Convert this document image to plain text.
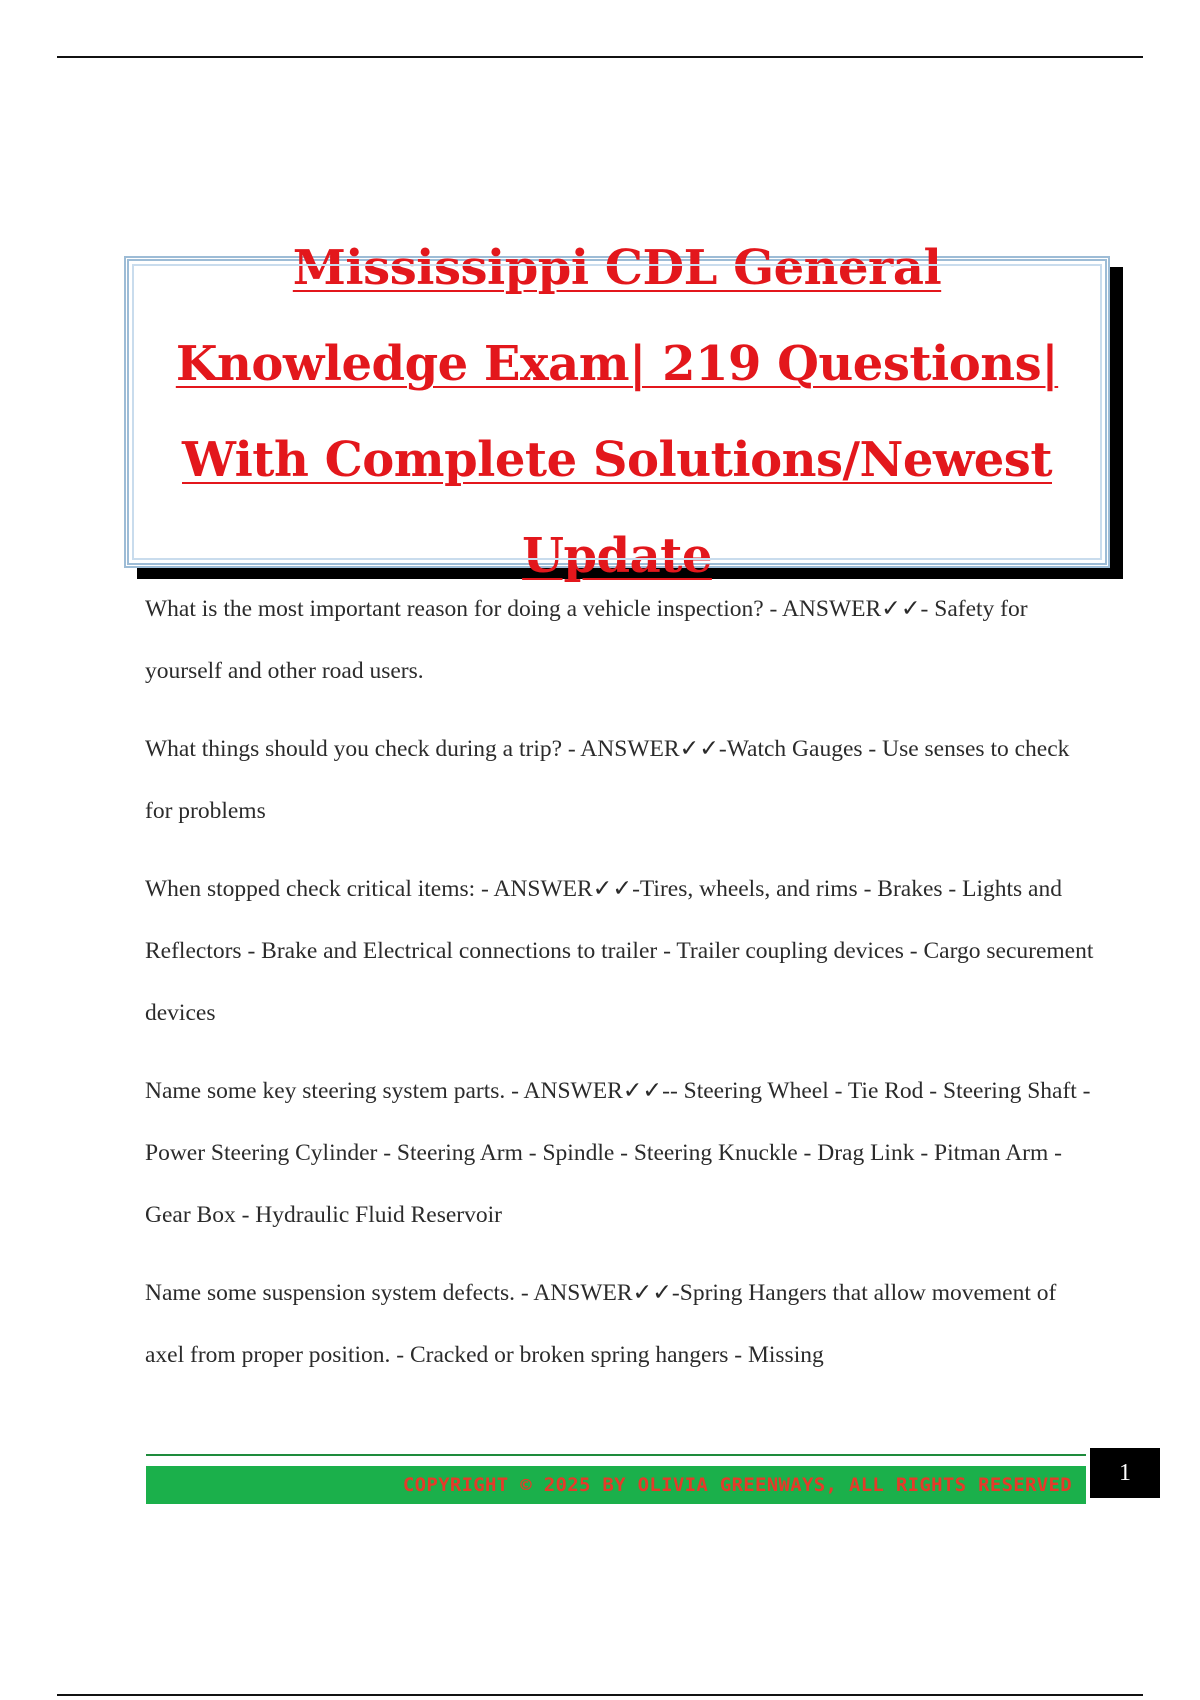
Mississippi CDL General Knowledge Exam| 219 Questions| With Complete Solutions/Newest Update

What is the most important reason for doing a vehicle inspection? - ANSWER✓✓- Safety for yourself and other road users.

What things should you check during a trip? - ANSWER✓✓-Watch Gauges - Use senses to check for problems

When stopped check critical items: - ANSWER✓✓-Tires, wheels, and rims - Brakes - Lights and Reflectors - Brake and Electrical connections to trailer - Trailer coupling devices - Cargo securement devices

Name some key steering system parts. - ANSWER✓✓-- Steering Wheel - Tie Rod - Steering Shaft - Power Steering Cylinder - Steering Arm - Spindle - Steering Knuckle - Drag Link - Pitman Arm - Gear Box - Hydraulic Fluid Reservoir

Name some suspension system defects. - ANSWER✓✓-Spring Hangers that allow movement of axel from proper position. - Cracked or broken spring hangers - Missing

COPYRIGHT © 2025 BY OLIVIA GREENWAYS, ALL RIGHTS RESERVED	1
